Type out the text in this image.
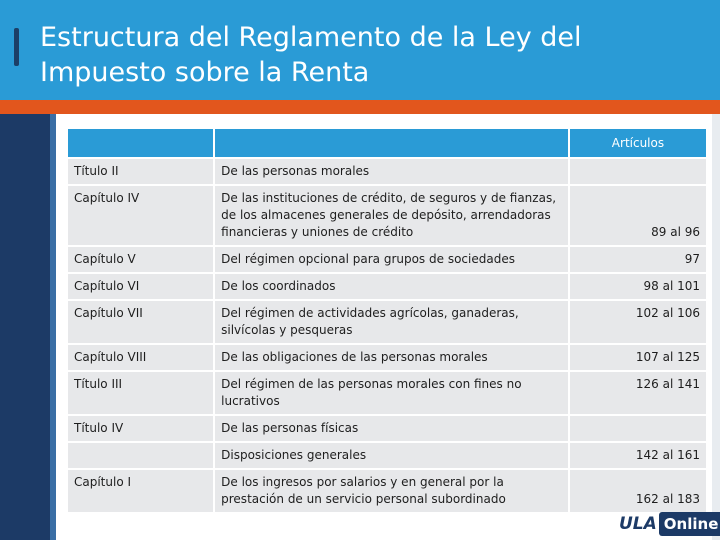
Estructura del Reglamento de la Ley del
Impuesto sobre la Renta
		Artículos
Título II	De las personas morales	
Capítulo IV	De las instituciones de crédito, de seguros y de fianzas, de los almacenes generales de depósito, arrendadoras financieras y uniones de crédito	89 al 96
Capítulo V	Del régimen opcional para grupos de sociedades	97
Capítulo VI	De los coordinados	98 al 101
Capítulo VII	Del régimen de actividades agrícolas, ganaderas, silvícolas y pesqueras	102 al 106
Capítulo VIII	De las obligaciones de las personas morales	107 al 125
Título III	Del régimen de las personas morales con fines no lucrativos	126 al 141
Título IV	De las personas físicas	
	Disposiciones generales	142 al 161
Capítulo I	De los ingresos por salarios y en general por la prestación de un servicio personal subordinado	162 al 183
ULA Online
